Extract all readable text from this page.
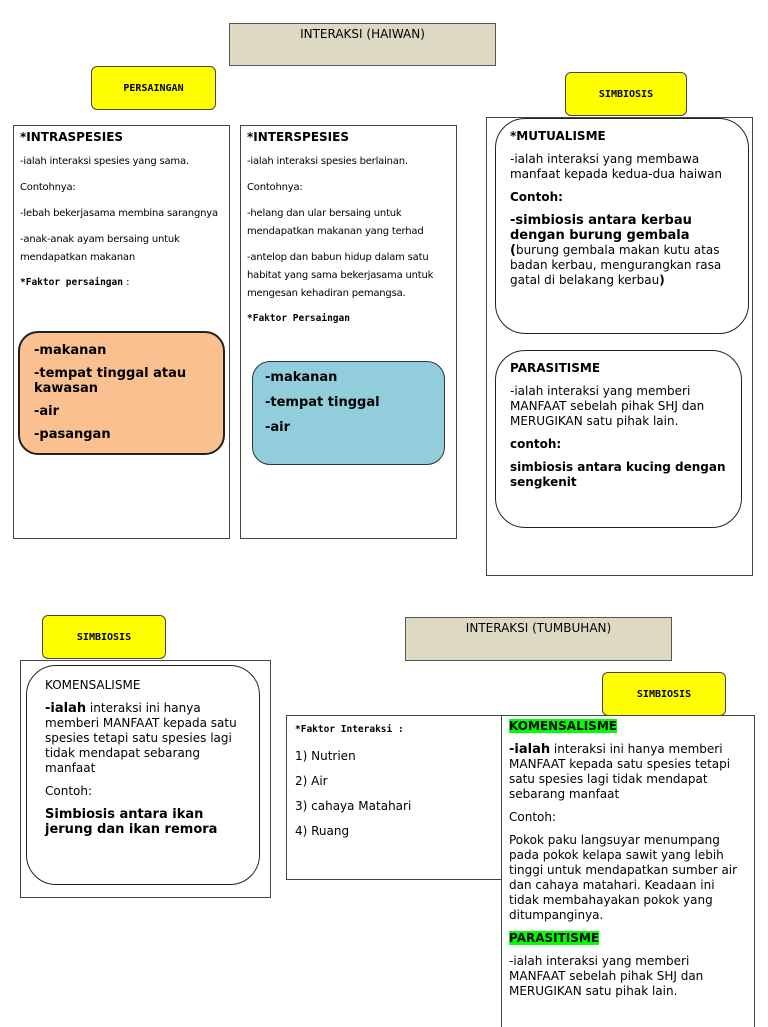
INTERAKSI (HAIWAN)
PERSAINGAN
SIMBIOSIS

*INTRASPESIES

-ialah interaksi spesies yang sama.

Contohnya:

-lebah bekerjasama membina sarangnya

-anak-anak ayam bersaing untuk mendapatkan makanan

*Faktor persaingan :

-makanan

-tempat tinggal atau kawasan

-air

-pasangan

*INTERSPESIES

-ialah interaksi spesies berlainan.

Contohnya:

-helang dan ular bersaing untuk mendapatkan makanan yang terhad

-antelop dan babun hidup dalam satu habitat yang sama bekerjasama untuk mengesan kehadiran pemangsa.

*Faktor Persaingan

-makanan

-tempat tinggal

-air

*MUTUALISME

-ialah interaksi yang membawa manfaat kepada kedua-dua haiwan

Contoh:

-simbiosis antara kerbau dengan burung gembala (burung gembala makan kutu atas badan kerbau, mengurangkan rasa gatal di belakang kerbau)

PARASITISME

-ialah interaksi yang memberi MANFAAT sebelah pihak SHJ dan MERUGIKAN satu pihak lain.

contoh:

simbiosis antara kucing dengan sengkenit

SIMBIOSIS

KOMENSALISME

-ialah interaksi ini hanya memberi MANFAAT kepada satu spesies tetapi satu spesies lagi tidak mendapat sebarang manfaat

Contoh:

Simbiosis antara ikan jerung dan ikan remora

INTERAKSI (TUMBUHAN)
SIMBIOSIS

*Faktor Interaksi :

1) Nutrien

2) Air

3) cahaya Matahari

4) Ruang

KOMENSALISME

-ialah interaksi ini hanya memberi MANFAAT kepada satu spesies tetapi satu spesies lagi tidak mendapat sebarang manfaat

Contoh:

Pokok paku langsuyar menumpang pada pokok kelapa sawit yang lebih tinggi untuk mendapatkan sumber air dan cahaya matahari. Keadaan ini tidak membahayakan pokok yang ditumpanginya.

PARASITISME

-ialah interaksi yang memberi MANFAAT sebelah pihak SHJ dan MERUGIKAN satu pihak lain.
